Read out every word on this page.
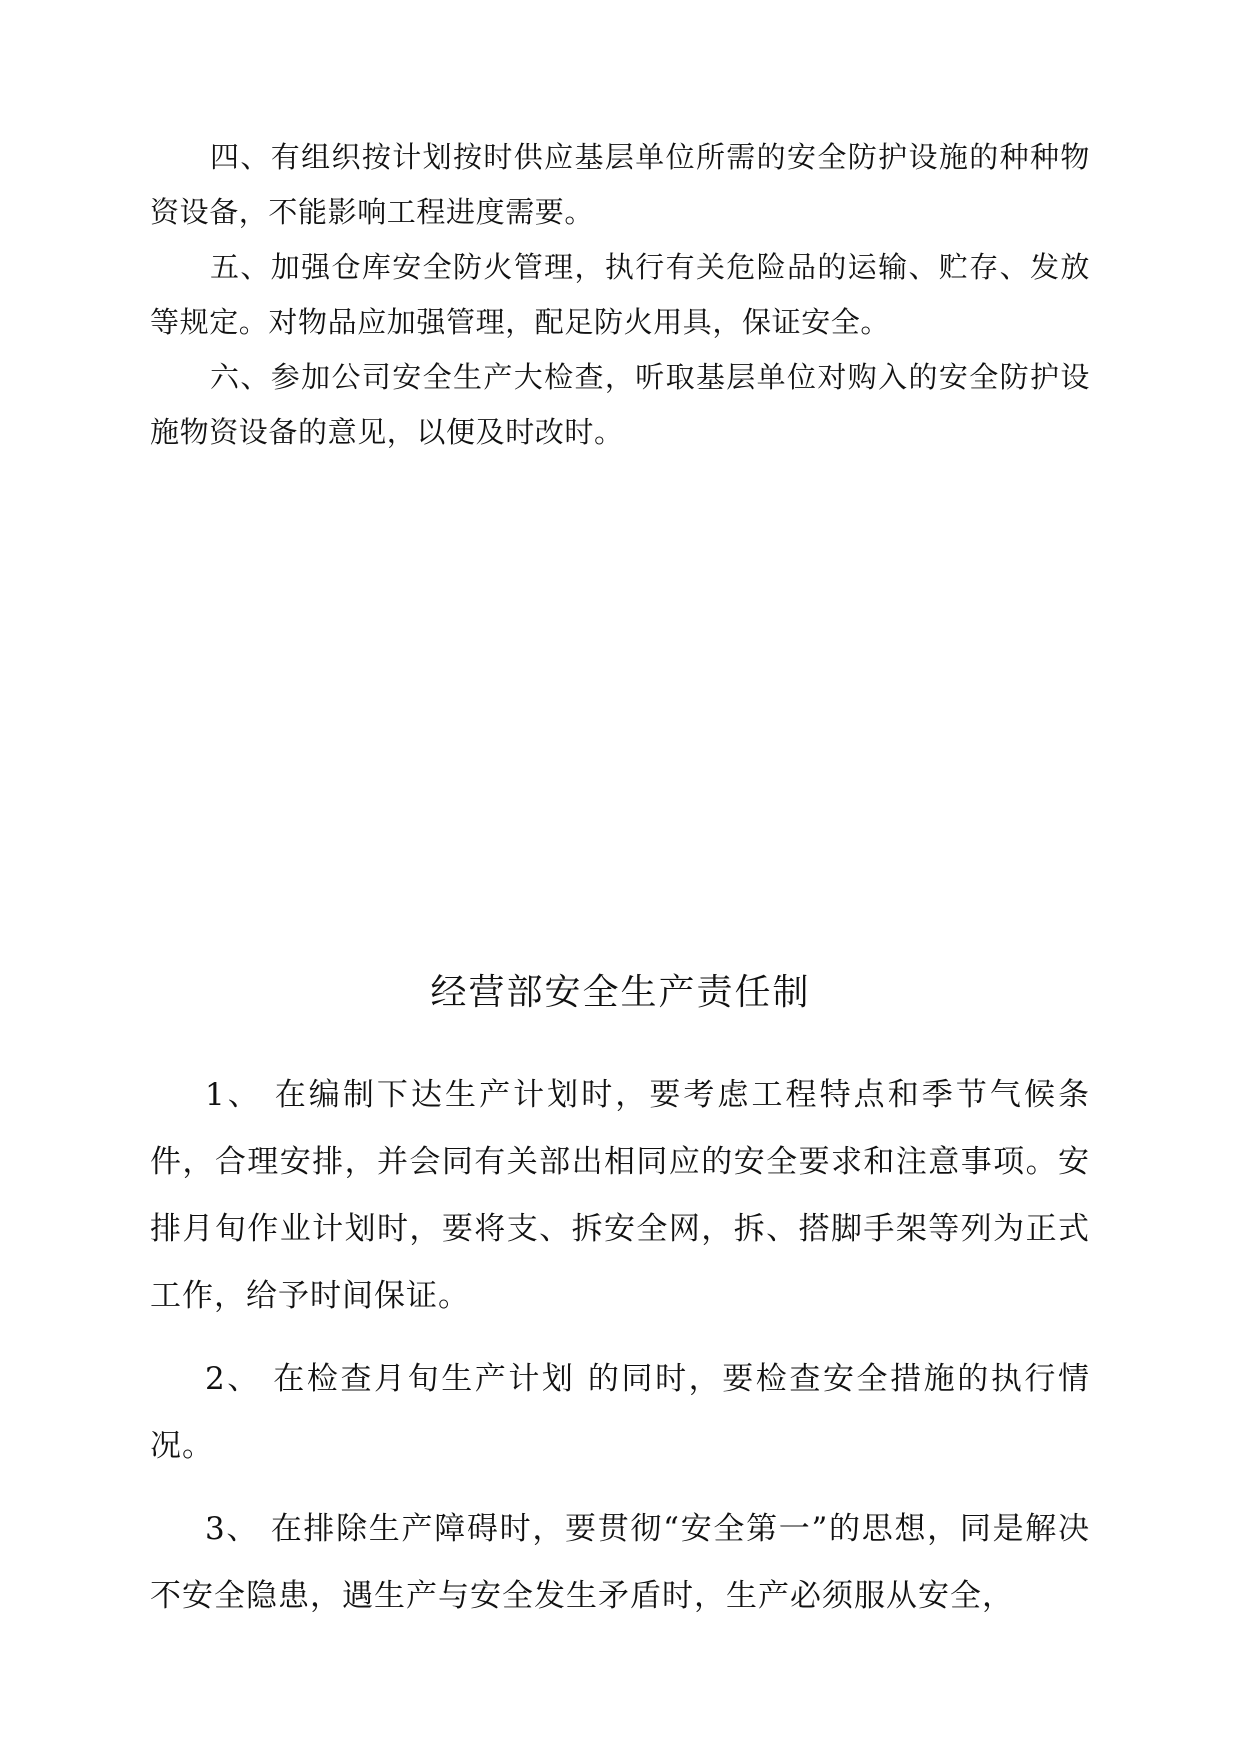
四、有组织按计划按时供应基层单位所需的安全防护设施的种种物资设备，不能影响工程进度需要。

五、加强仓库安全防火管理，执行有关危险品的运输、贮存、发放等规定。对物品应加强管理，配足防火用具，保证安全。

六、参加公司安全生产大检查，听取基层单位对购入的安全防护设施物资设备的意见，以便及时改时。

经营部安全生产责任制

1、 在编制下达生产计划时，要考虑工程特点和季节气候条件，合理安排，并会同有关部出相同应的安全要求和注意事项。安排月旬作业计划时，要将支、拆安全网，拆、搭脚手架等列为正式工作，给予时间保证。

2、 在检查月旬生产计划 的同时，要检查安全措施的执行情况。

3、 在排除生产障碍时，要贯彻“安全第一”的思想，同是解决不安全隐患，遇生产与安全发生矛盾时，生产必须服从安全，
